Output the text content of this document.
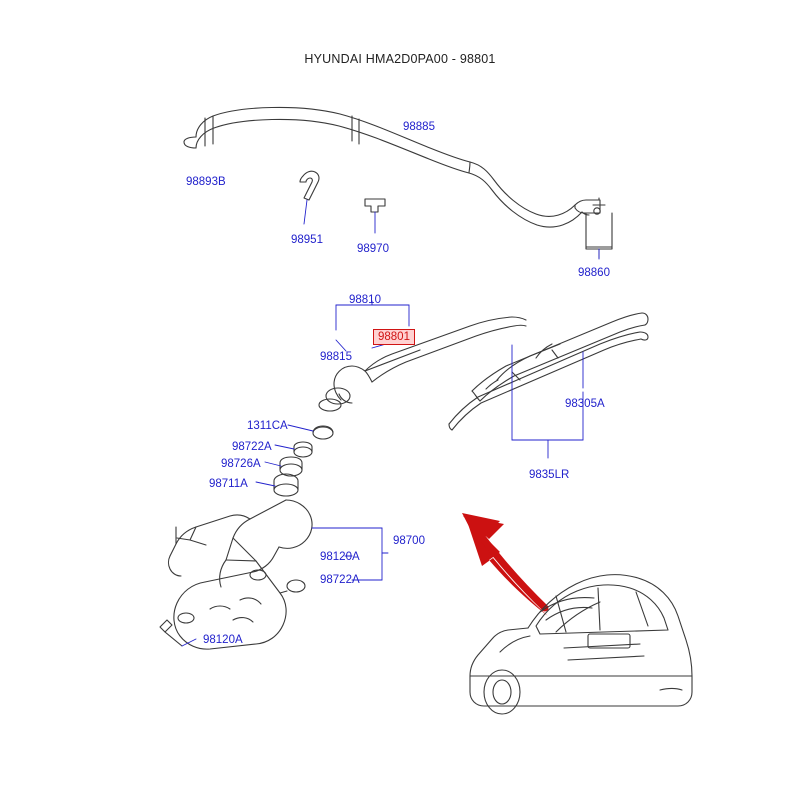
HYUNDAI HMA2D0PA00 - 98801
98885
98893B
98951
98970
98860
98810
98801
98815
98305A
9835LR
1311CA
98722A
98726A
98711A
98700
98120A
98722A
98120A
